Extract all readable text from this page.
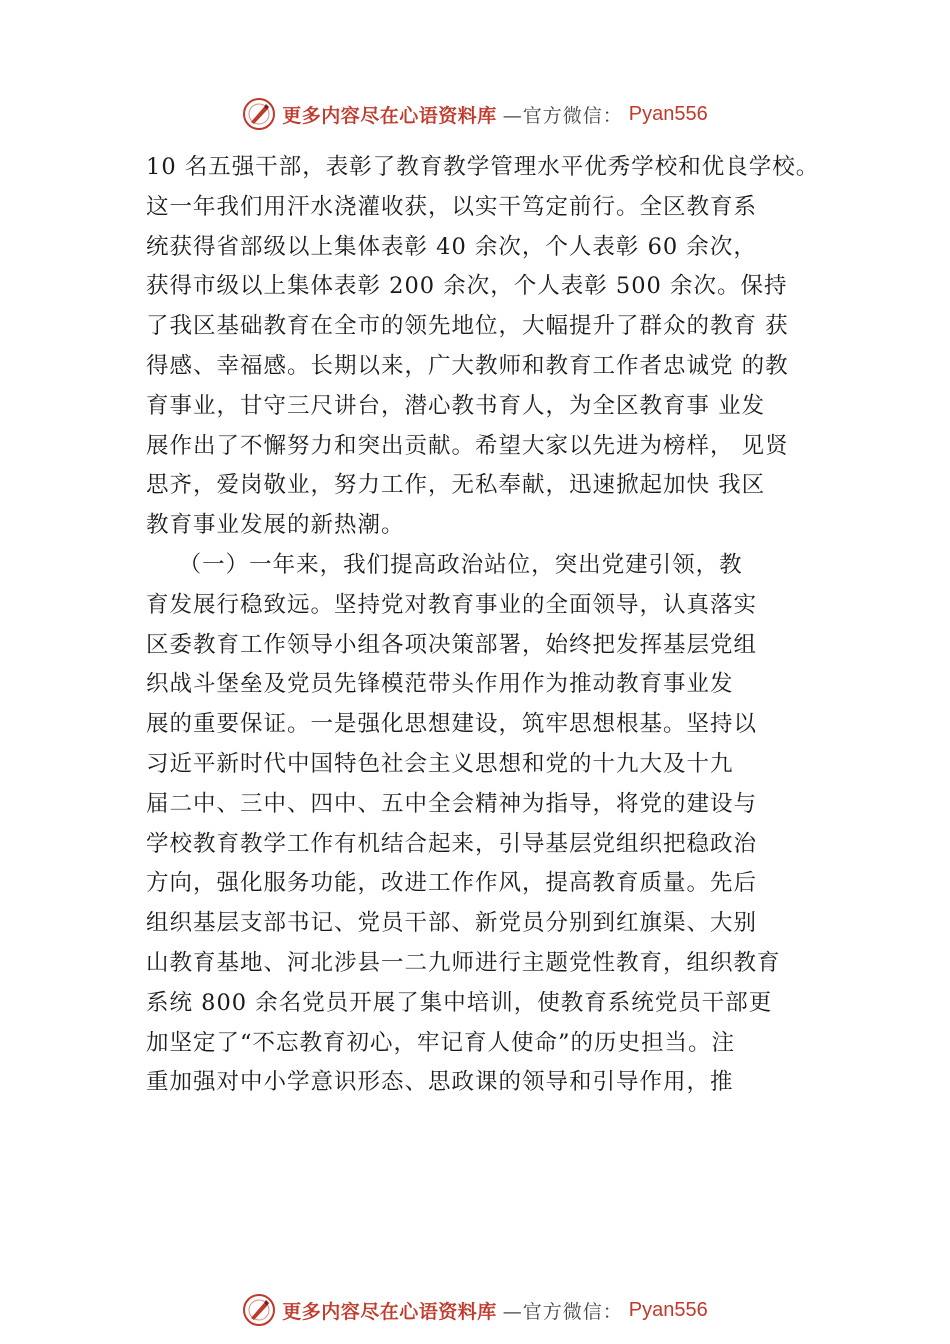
更多内容尽在心语资料库 —官方微信： Pyan556
10 名五强干部，表彰了教育教学管理水平优秀学校和优良学校。
这一年我们用汗水浇灌收获，以实干笃定前行。全区教育系
统获得省部级以上集体表彰 40 余次，个人表彰 60 余次，
获得市级以上集体表彰 200 余次，个人表彰 500 余次。保持
了我区基础教育在全市的领先地位，大幅提升了群众的教育 获
得感、幸福感。长期以来，广大教师和教育工作者忠诚党 的教
育事业，甘守三尺讲台，潜心教书育人，为全区教育事 业发
展作出了不懈努力和突出贡献。希望大家以先进为榜样， 见贤
思齐，爱岗敬业，努力工作，无私奉献，迅速掀起加快 我区
教育事业发展的新热潮。
（一）一年来，我们提高政治站位，突出党建引领，教
育发展行稳致远。坚持党对教育事业的全面领导，认真落实
区委教育工作领导小组各项决策部署，始终把发挥基层党组
织战斗堡垒及党员先锋模范带头作用作为推动教育事业发
展的重要保证。一是强化思想建设，筑牢思想根基。坚持以
习近平新时代中国特色社会主义思想和党的十九大及十九
届二中、三中、四中、五中全会精神为指导，将党的建设与
学校教育教学工作有机结合起来，引导基层党组织把稳政治
方向，强化服务功能，改进工作作风，提高教育质量。先后
组织基层支部书记、党员干部、新党员分别到红旗渠、大别
山教育基地、河北涉县一二九师进行主题党性教育，组织教育
系统 800 余名党员开展了集中培训，使教育系统党员干部更
加坚定了“不忘教育初心，牢记育人使命”的历史担当。注
重加强对中小学意识形态、思政课的领导和引导作用，推
更多内容尽在心语资料库 —官方微信： Pyan556
